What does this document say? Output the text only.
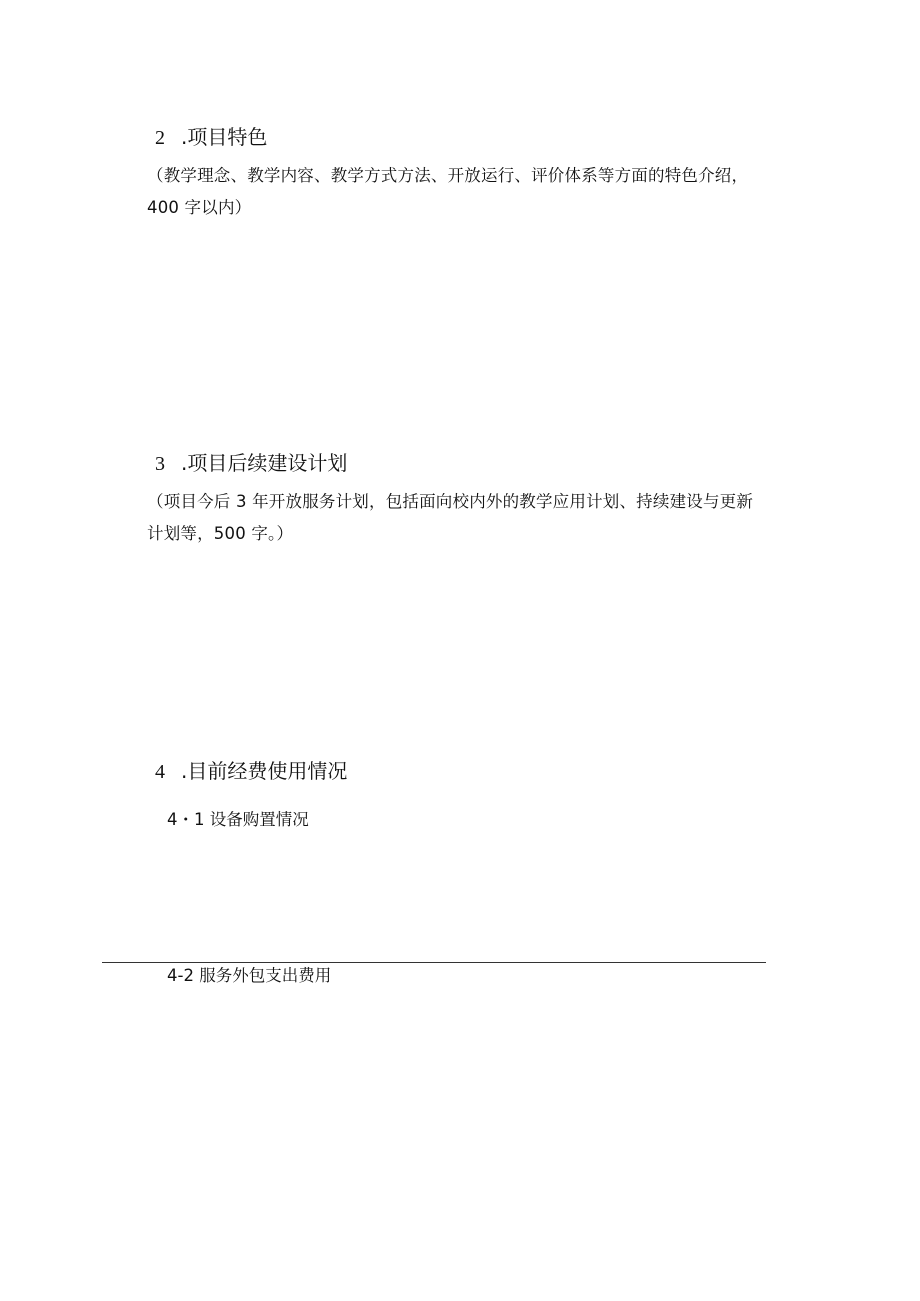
2 .项目特色
（教学理念、教学内容、教学方式方法、开放运行、评价体系等方面的特色介绍，400 字以内）
3 .项目后续建设计划
（项目今后 3 年开放服务计划，包括面向校内外的教学应用计划、持续建设与更新计划等，500 字。）
4 .目前经费使用情况
4・1 设备购置情况
4-2 服务外包支出费用
